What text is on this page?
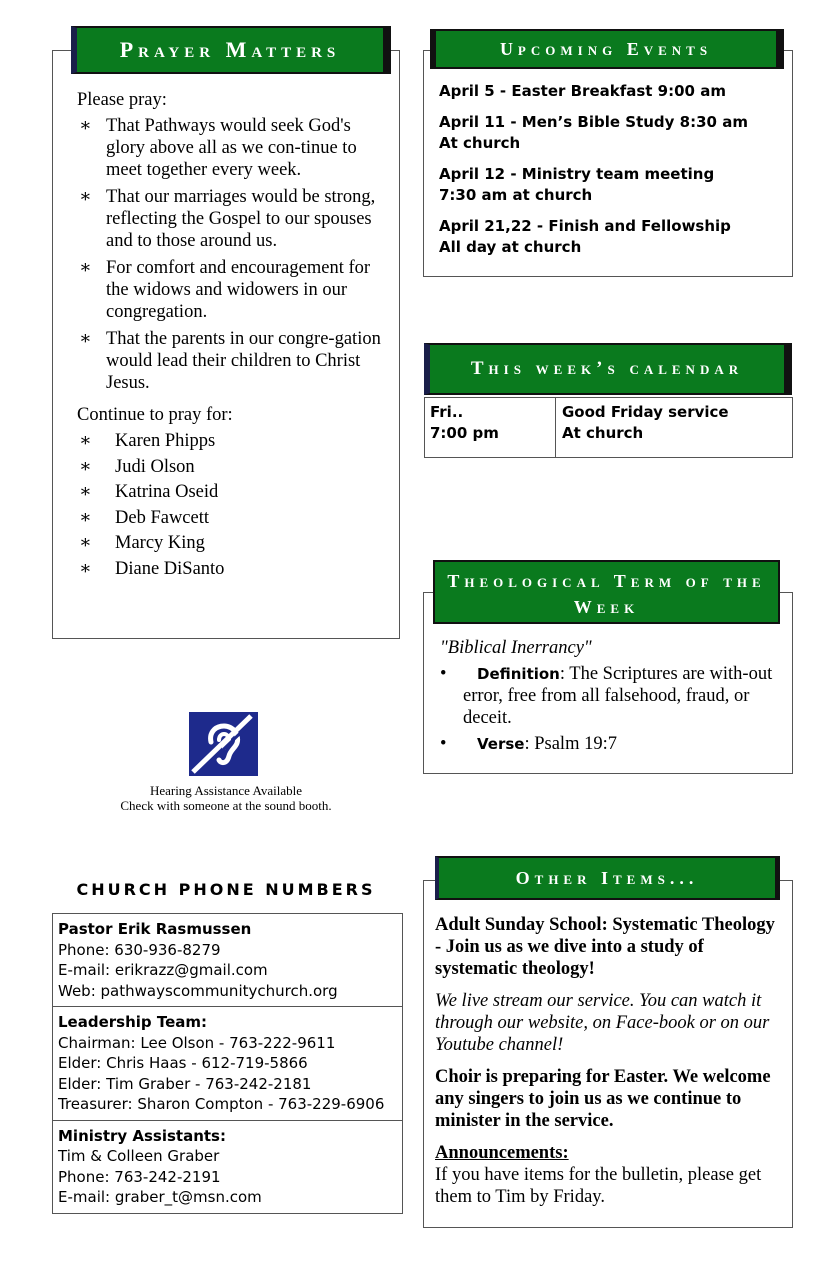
Please pray:

∗ That Pathways would seek God's glory above all as we con-tinue to meet together every week.
∗ That our marriages would be strong, reflecting the Gospel to our spouses and to those around us.
∗ For comfort and encouragement for the widows and widowers in our congregation.
∗ That the parents in our congre-gation would lead their children to Christ Jesus.

Continue to pray for:

∗ Karen Phipps
∗ Judi Olson
∗ Katrina Oseid
∗ Deb Fawcett
∗ Marcy King
∗ Diane DiSanto
Prayer Matters
April 5 - Easter Breakfast 9:00 am
April 11 - Men’s Bible Study 8:30 am
At church
April 12 - Ministry team meeting
7:30 am at church
April 21,22 - Finish and Fellowship
All day at church
Upcoming Events
This week’s calendar
Fri..
7:00 pm
Good Friday service
At church
"Biblical Inerrancy"
• Definition: The Scriptures are with-out error, free from all falsehood, fraud, or deceit.
• Verse: Psalm 19:7
Theological Term of the Week
Hearing Assistance Available
Check with someone at the sound booth.
CHURCH PHONE NUMBERS
Pastor Erik Rasmussen
Phone: 630-936-8279
E-mail: erikrazz@gmail.com
Web: pathwayscommunitychurch.org
Leadership Team:
Chairman: Lee Olson - 763-222-9611
Elder: Chris Haas - 612-719-5866
Elder: Tim Graber - 763-242-2181
Treasurer: Sharon Compton - 763-229-6906
Ministry Assistants:
Tim & Colleen Graber
Phone: 763-242-2191
E-mail: graber_t@msn.com

Adult Sunday School: Systematic Theology - Join us as we dive into a study of systematic theology!

We live stream our service. You can watch it through our website, on Face-book or on our Youtube channel!

Choir is preparing for Easter. We welcome any singers to join us as we continue to minister in the service.

Announcements:
If you have items for the bulletin, please get them to Tim by Friday.

Other Items...
